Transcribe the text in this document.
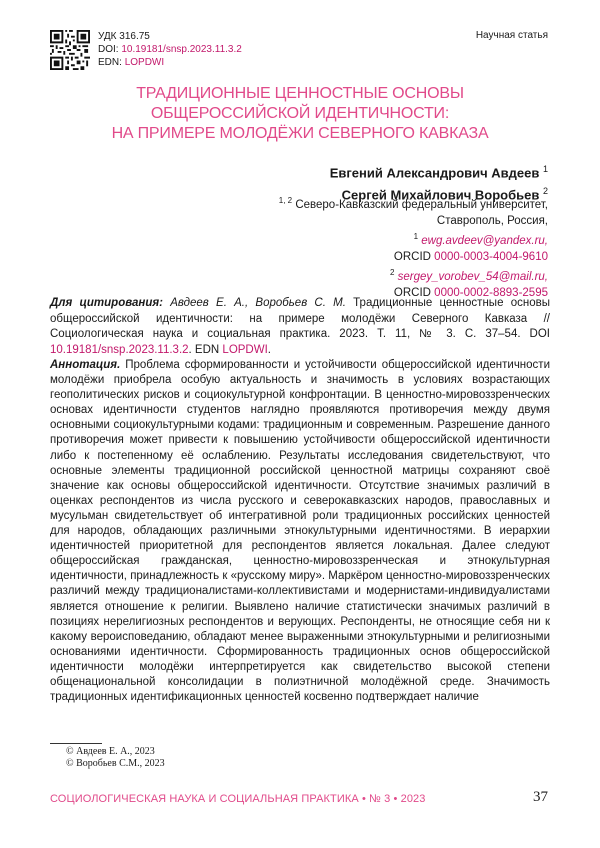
УДК 316.75
DOI: 10.19181/snsp.2023.11.3.2
EDN: LOPDWI
Научная статья
ТРАДИЦИОННЫЕ ЦЕННОСТНЫЕ ОСНОВЫ
ОБЩЕРОССИЙСКОЙ ИДЕНТИЧНОСТИ:
НА ПРИМЕРЕ МОЛОДЁЖИ СЕВЕРНОГО КАВКАЗА
Евгений Александрович Авдеев $^1$
Сергей Михайлович Воробьев $^2$
$^{1, 2}$ Северо-Кавказский федеральный университет,
Ставрополь, Россия,
$^1$ ewg.avdeev@yandex.ru,
ORCID 0000-0003-4004-9610
$^2$ sergey_vorobev_54@mail.ru,
ORCID 0000-0002-8893-2595
Для цитирования: Авдеев Е. А., Воробьев С. М. Традиционные ценностные основы общероссийской идентичности: на примере молодёжи Северного Кавказа // Социологическая наука и социальная практика. 2023. Т. 11, № 3. С. 37–54. DOI 10.19181/snsp.2023.11.3.2. EDN LOPDWI.
Аннотация. Проблема сформированности и устойчивости общероссийской идентичности молодёжи приобрела особую актуальность и значимость в условиях возрастающих геополитических рисков и социокультурной конфронтации. В ценностно-мировоззренческих основах идентичности студентов наглядно проявляются противоречия между двумя основными социокультурными кодами: традиционным и современным. Разрешение данного противоречия может привести к повышению устойчивости общероссийской идентичности либо к постепенному её ослаблению. Результаты исследования свидетельствуют, что основные элементы традиционной российской ценностной матрицы сохраняют своё значение как основы общероссийской идентичности. Отсутствие значимых различий в оценках респондентов из числа русского и северокавказских народов, православных и мусульман свидетельствует об интегративной роли традиционных российских ценностей для народов, обладающих различными этнокультурными идентичностями. В иерархии идентичностей приоритетной для респондентов является локальная. Далее следуют общероссийская гражданская, ценностно-мировоззренческая и этнокультурная идентичности, принадлежность к «русскому миру». Маркёром ценностно-мировоззренческих различий между традиционалистами-коллективистами и модернистами-индивидуалистами является отношение к религии. Выявлено наличие статистически значимых различий в позициях нерелигиозных респондентов и верующих. Респонденты, не относящие себя ни к какому вероисповеданию, обладают менее выраженными этнокультурными и религиозными основаниями идентичности. Сформированность традиционных основ общероссийской идентичности молодёжи интерпретируется как свидетельство высокой степени общенациональной консолидации в полиэтничной молодёжной среде. Значимость традиционных идентификационных ценностей косвенно подтверждает наличие
© Авдеев Е. А., 2023
© Воробьев С.М., 2023
СОЦИОЛОГИЧЕСКАЯ НАУКА И СОЦИАЛЬНАЯ ПРАКТИКА • № 3 • 2023	37
